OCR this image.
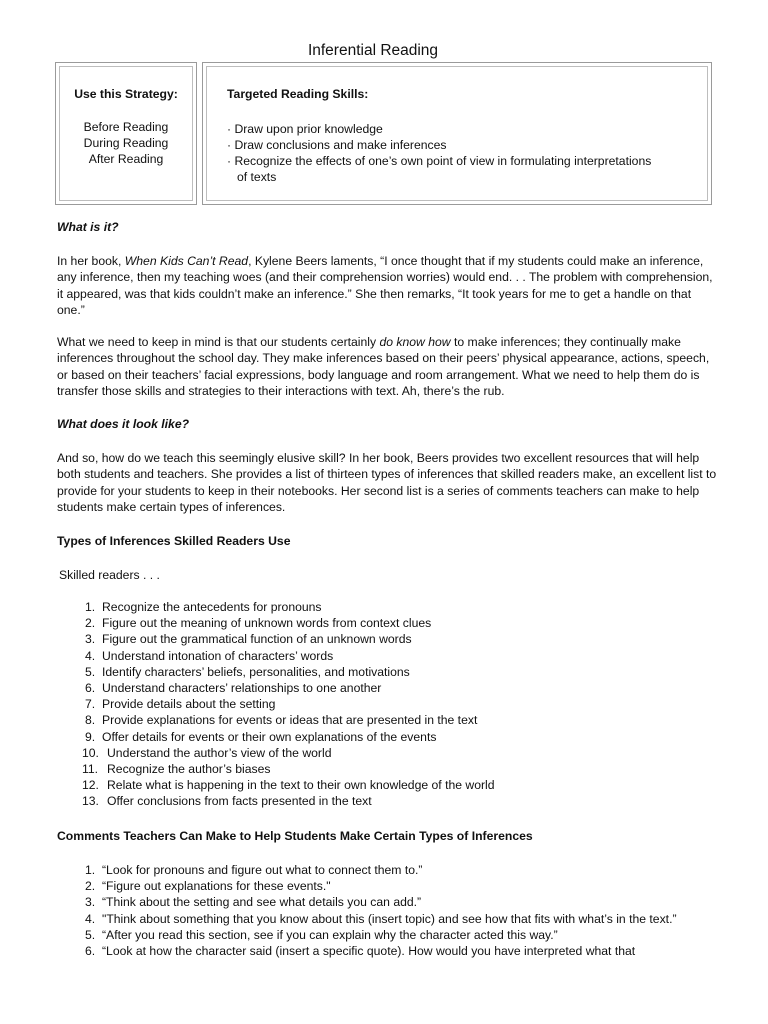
Inferential Reading
Use this Strategy:
Before Reading
During Reading
After Reading
Targeted Reading Skills:
· Draw upon prior knowledge
· Draw conclusions and make inferences
· Recognize the effects of one’s own point of view in formulating interpretations
of texts
What is it?

In her book, When Kids Can’t Read, Kylene Beers laments, “I once thought that if my students could make an inference, any inference, then my teaching woes (and their comprehension worries) would end. . . The problem with comprehension, it appeared, was that kids couldn’t make an inference.” She then remarks, “It took years for me to get a handle on that one.”

What we need to keep in mind is that our students certainly do know how to make inferences; they continually make inferences throughout the school day. They make inferences based on their peers’ physical appearance, actions, speech, or based on their teachers’ facial expressions, body language and room arrangement. What we need to help them do is transfer those skills and strategies to their interactions with text. Ah, there’s the rub.

What does it look like?

And so, how do we teach this seemingly elusive skill? In her book, Beers provides two excellent resources that will help both students and teachers. She provides a list of thirteen types of inferences that skilled readers make, an excellent list to provide for your students to keep in their notebooks. Her second list is a series of comments teachers can make to help students make certain types of inferences.

Types of Inferences Skilled Readers Use
Skilled readers . . .
1. Recognize the antecedents for pronouns
2. Figure out the meaning of unknown words from context clues
3. Figure out the grammatical function of an unknown words
4. Understand intonation of characters’ words
5. Identify characters’ beliefs, personalities, and motivations
6. Understand characters’ relationships to one another
7. Provide details about the setting
8. Provide explanations for events or ideas that are presented in the text
9. Offer details for events or their own explanations of the events
10. Understand the author’s view of the world
11. Recognize the author’s biases
12. Relate what is happening in the text to their own knowledge of the world
13. Offer conclusions from facts presented in the text
Comments Teachers Can Make to Help Students Make Certain Types of Inferences
1. “Look for pronouns and figure out what to connect them to.”
2. “Figure out explanations for these events."
3. “Think about the setting and see what details you can add.”
4. "Think about something that you know about this (insert topic) and see how that fits with what’s in the text.”
5. “After you read this section, see if you can explain why the character acted this way.”
6. “Look at how the character said (insert a specific quote). How would you have interpreted what that
